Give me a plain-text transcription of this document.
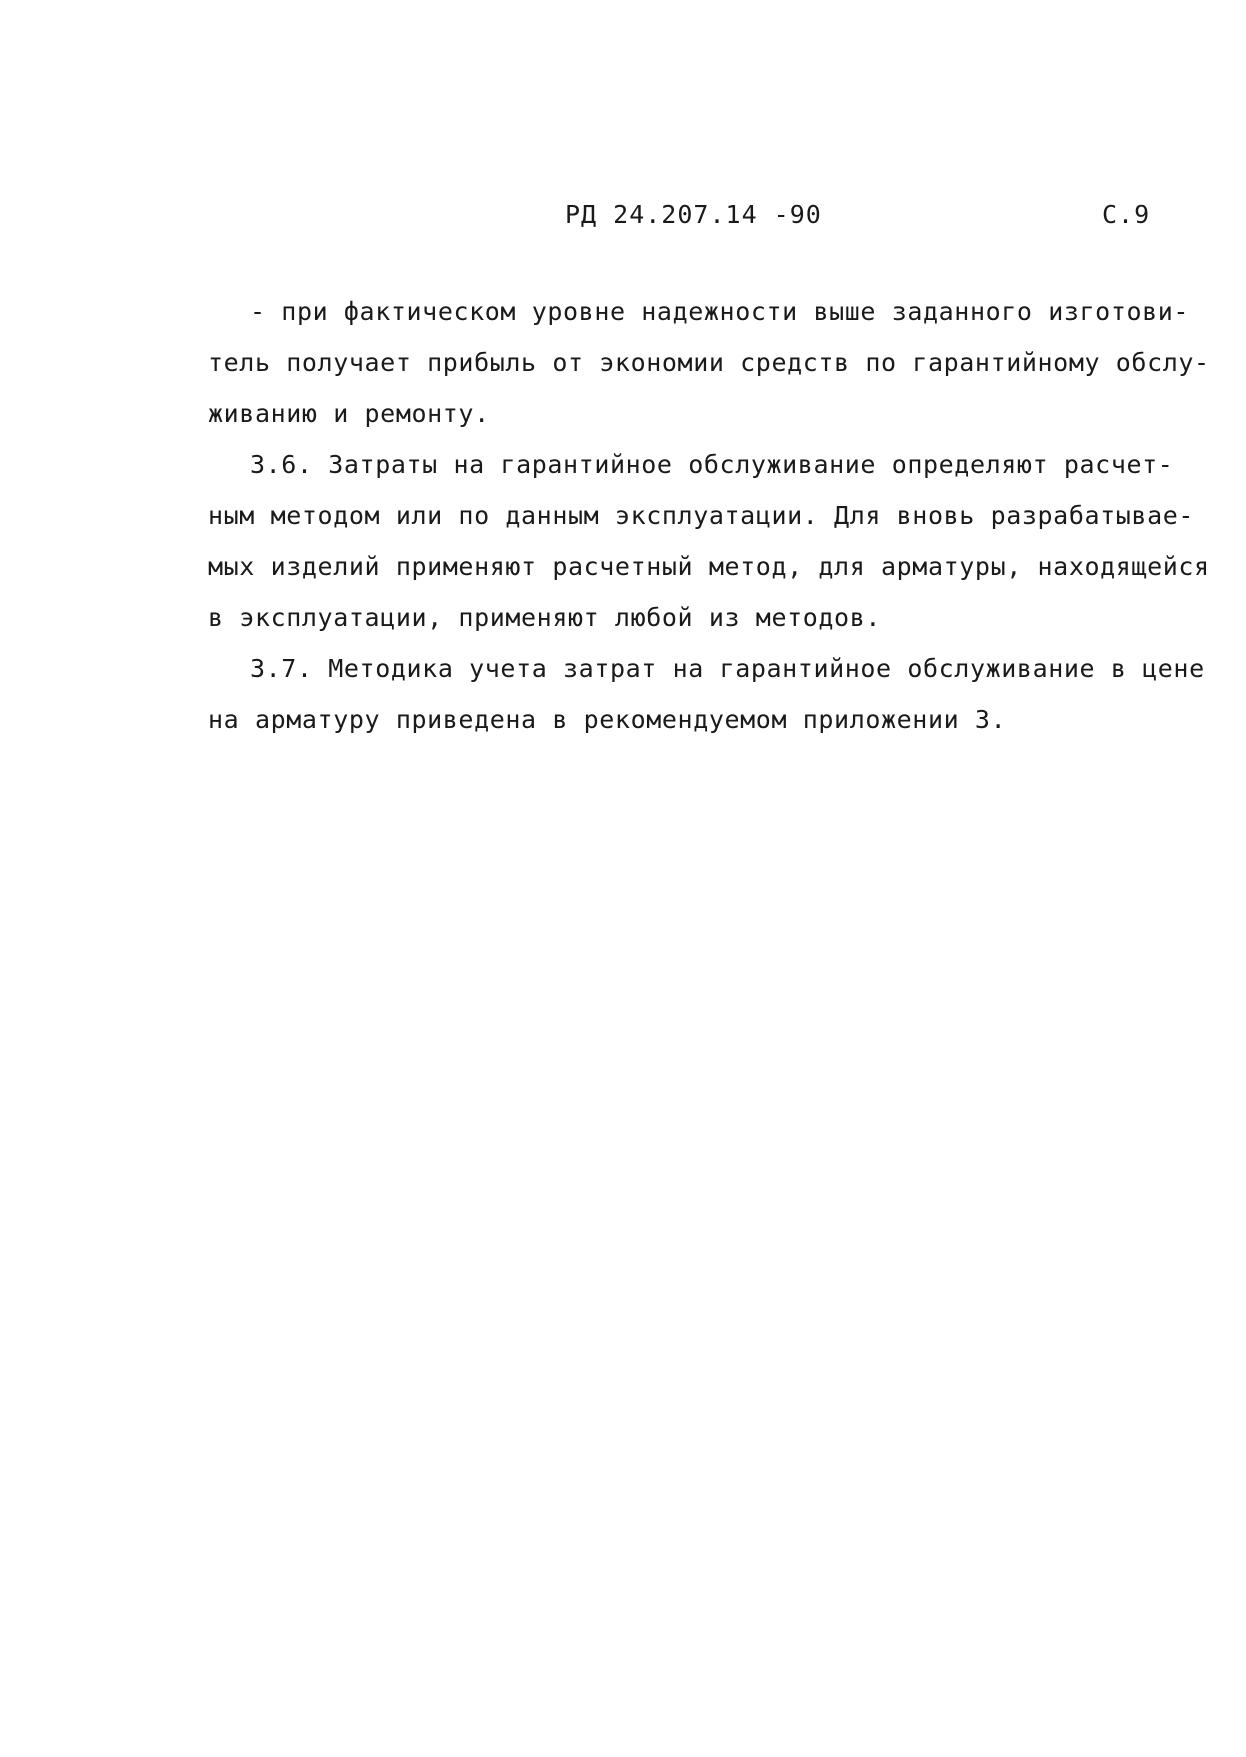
РД 24.207.14 -90	С.9
- при фактическом уровне надежности выше заданного изготови-
тель получает прибыль от экономии средств по гарантийному обслу-
живанию и ремонту.
3.6. Затраты на гарантийное обслуживание определяют расчет-
ным методом или по данным эксплуатации. Для вновь разрабатывае-
мых изделий применяют расчетный метод, для арматуры, находящейся
в эксплуатации, применяют любой из методов.
3.7. Методика учета затрат на гарантийное обслуживание в цене
на арматуру приведена в рекомендуемом приложении 3.
